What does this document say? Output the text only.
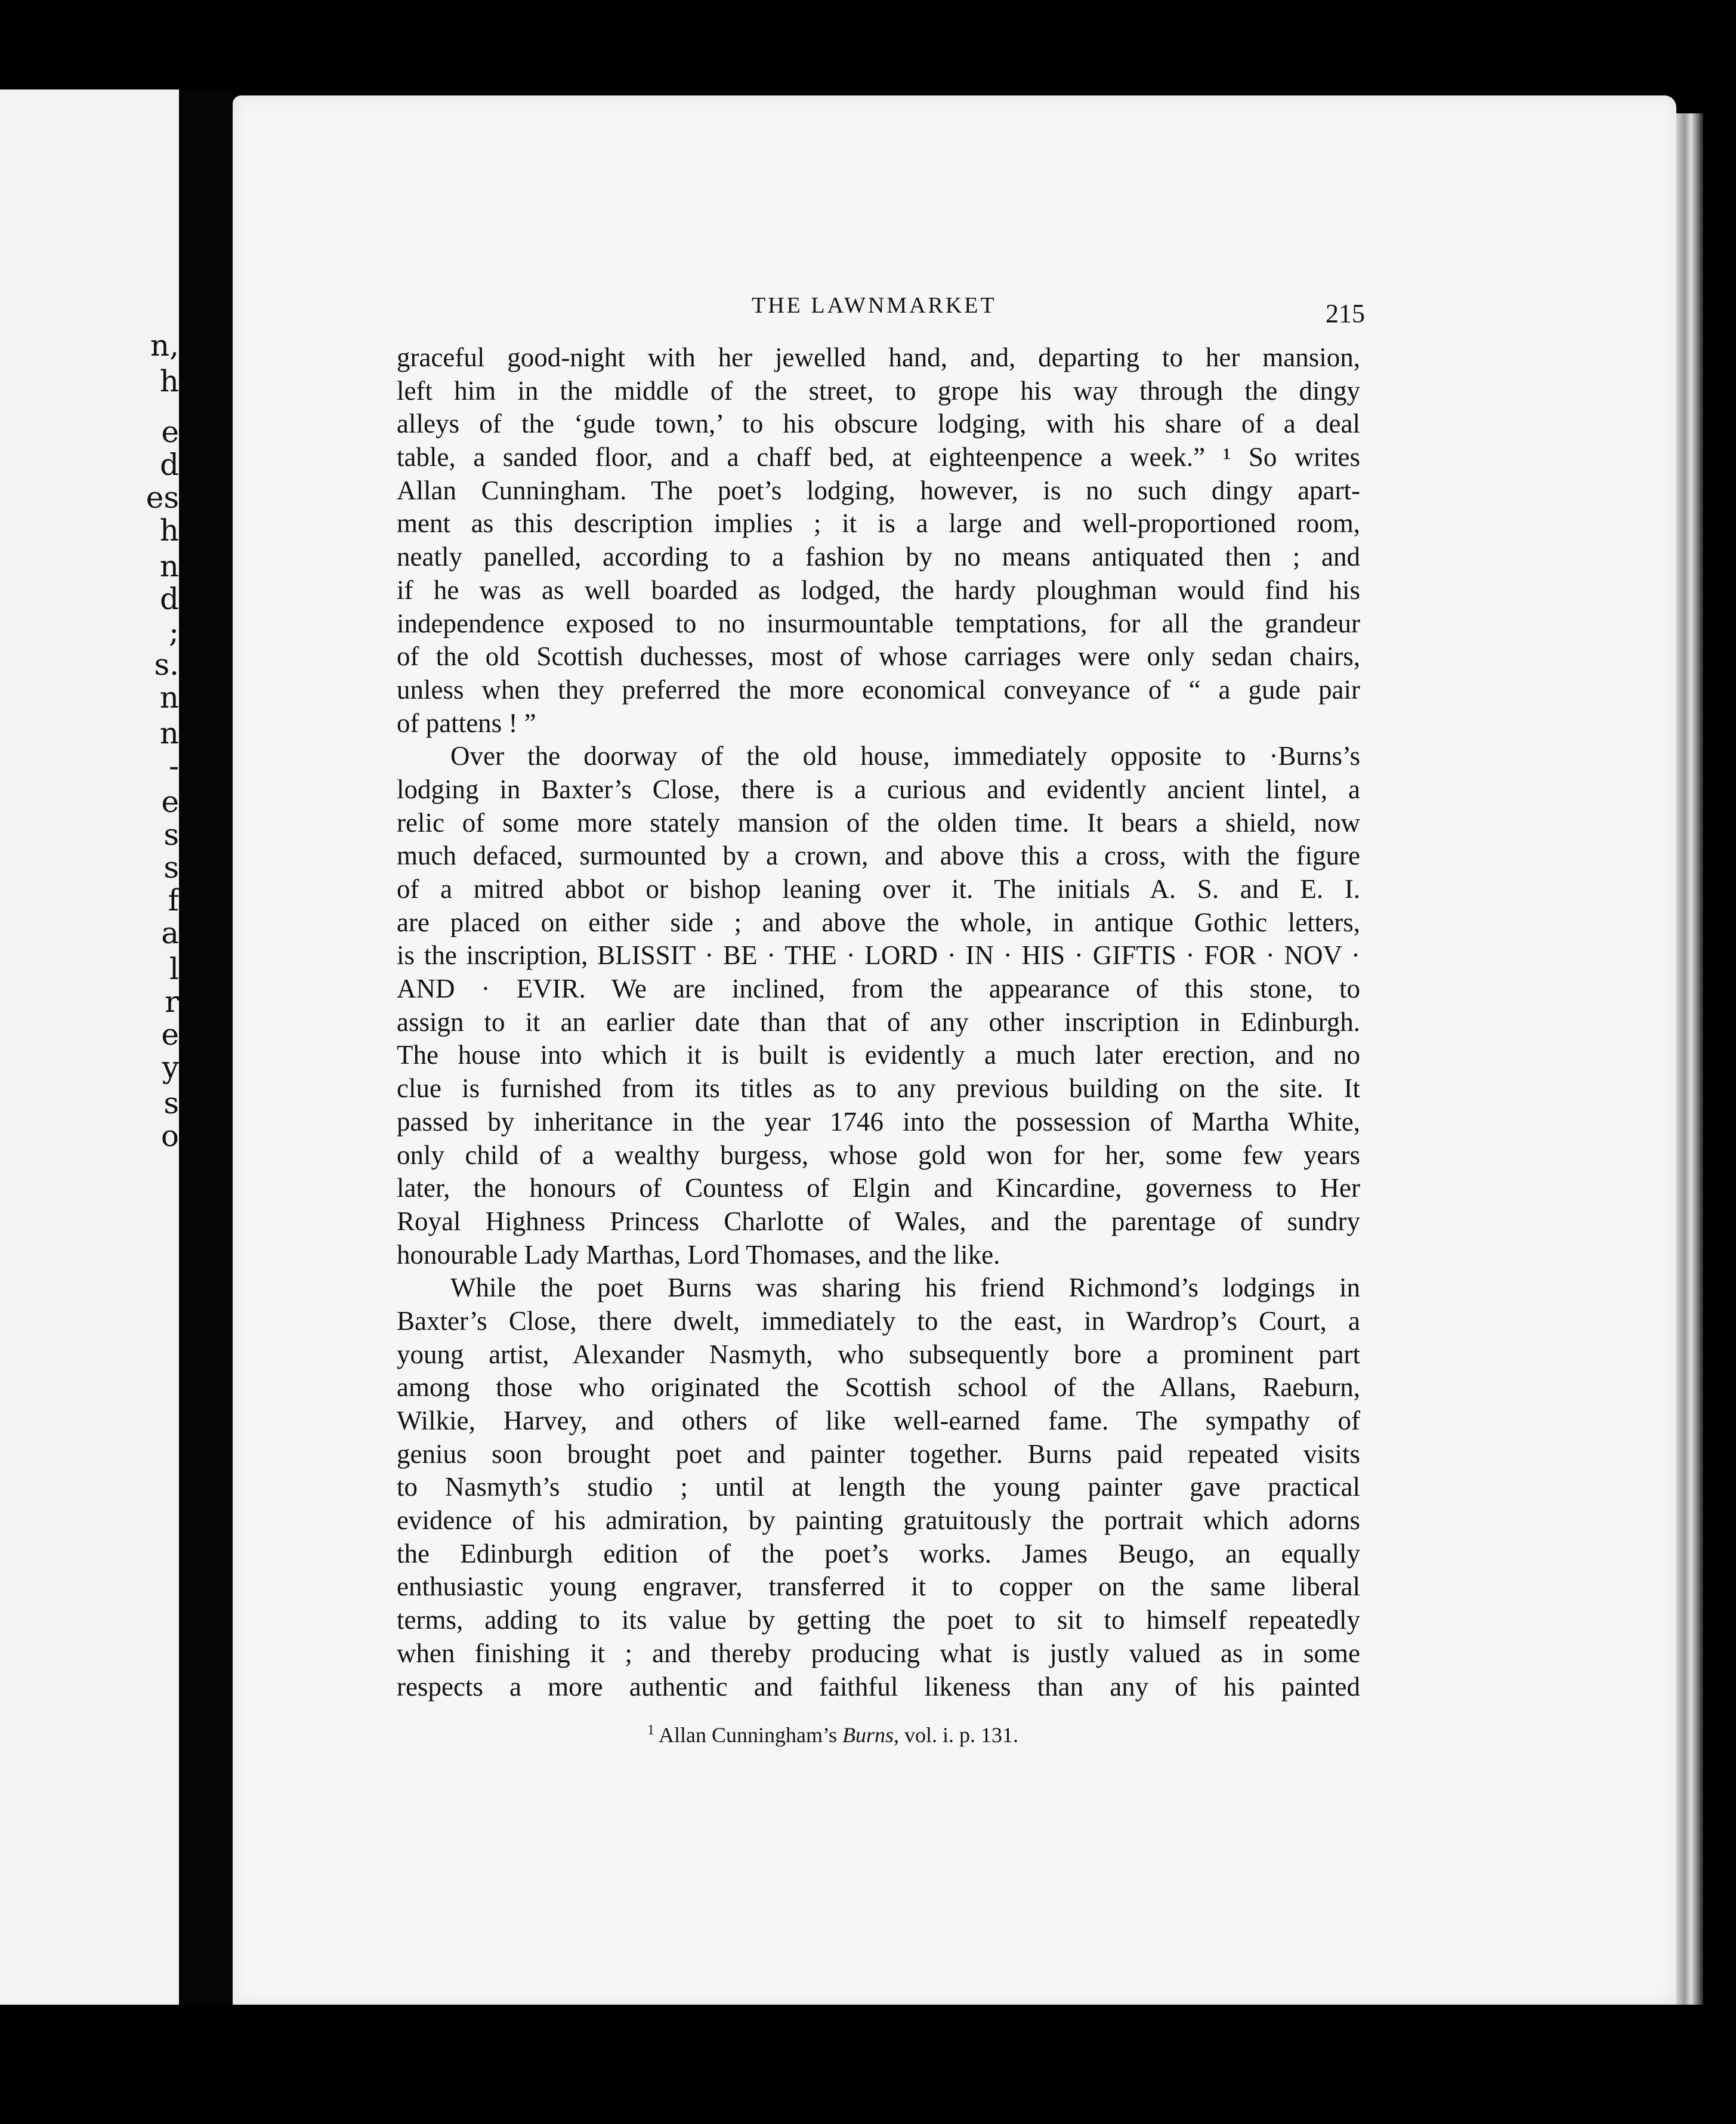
n,
h
e
d
es
h
n
d
;
s.
n
n
-
e
s
s
f
a
l
r
e
y
s
o
THE LAWNMARKET	215
graceful good-night with her jewelled hand, and, departing to her mansion,
left him in the middle of the street, to grope his way through the dingy
alleys of the ‘gude town,’ to his obscure lodging, with his share of a deal
table, a sanded floor, and a chaff bed, at eighteenpence a week.” ¹ So writes
Allan Cunningham. The poet’s lodging, however, is no such dingy apart-
ment as this description implies ; it is a large and well-proportioned room,
neatly panelled, according to a fashion by no means antiquated then ; and
if he was as well boarded as lodged, the hardy ploughman would find his
independence exposed to no insurmountable temptations, for all the grandeur
of the old Scottish duchesses, most of whose carriages were only sedan chairs,
unless when they preferred the more economical conveyance of “ a gude pair
of pattens ! ”
Over the doorway of the old house, immediately opposite to ·Burns’s
lodging in Baxter’s Close, there is a curious and evidently ancient lintel, a
relic of some more stately mansion of the olden time. It bears a shield, now
much defaced, surmounted by a crown, and above this a cross, with the figure
of a mitred abbot or bishop leaning over it. The initials A. S. and E. I.
are placed on either side ; and above the whole, in antique Gothic letters,
is the inscription, BLISSIT · BE · THE · LORD · IN · HIS · GIFTIS · FOR · NOV ·
AND · EVIR. We are inclined, from the appearance of this stone, to
assign to it an earlier date than that of any other inscription in Edinburgh.
The house into which it is built is evidently a much later erection, and no
clue is furnished from its titles as to any previous building on the site. It
passed by inheritance in the year 1746 into the possession of Martha White,
only child of a wealthy burgess, whose gold won for her, some few years
later, the honours of Countess of Elgin and Kincardine, governess to Her
Royal Highness Princess Charlotte of Wales, and the parentage of sundry
honourable Lady Marthas, Lord Thomases, and the like.
While the poet Burns was sharing his friend Richmond’s lodgings in
Baxter’s Close, there dwelt, immediately to the east, in Wardrop’s Court, a
young artist, Alexander Nasmyth, who subsequently bore a prominent part
among those who originated the Scottish school of the Allans, Raeburn,
Wilkie, Harvey, and others of like well-earned fame. The sympathy of
genius soon brought poet and painter together. Burns paid repeated visits
to Nasmyth’s studio ; until at length the young painter gave practical
evidence of his admiration, by painting gratuitously the portrait which adorns
the Edinburgh edition of the poet’s works. James Beugo, an equally
enthusiastic young engraver, transferred it to copper on the same liberal
terms, adding to its value by getting the poet to sit to himself repeatedly
when finishing it ; and thereby producing what is justly valued as in some
respects a more authentic and faithful likeness than any of his painted
$^1$ Allan Cunningham’s Burns, vol. i. p. 131.
